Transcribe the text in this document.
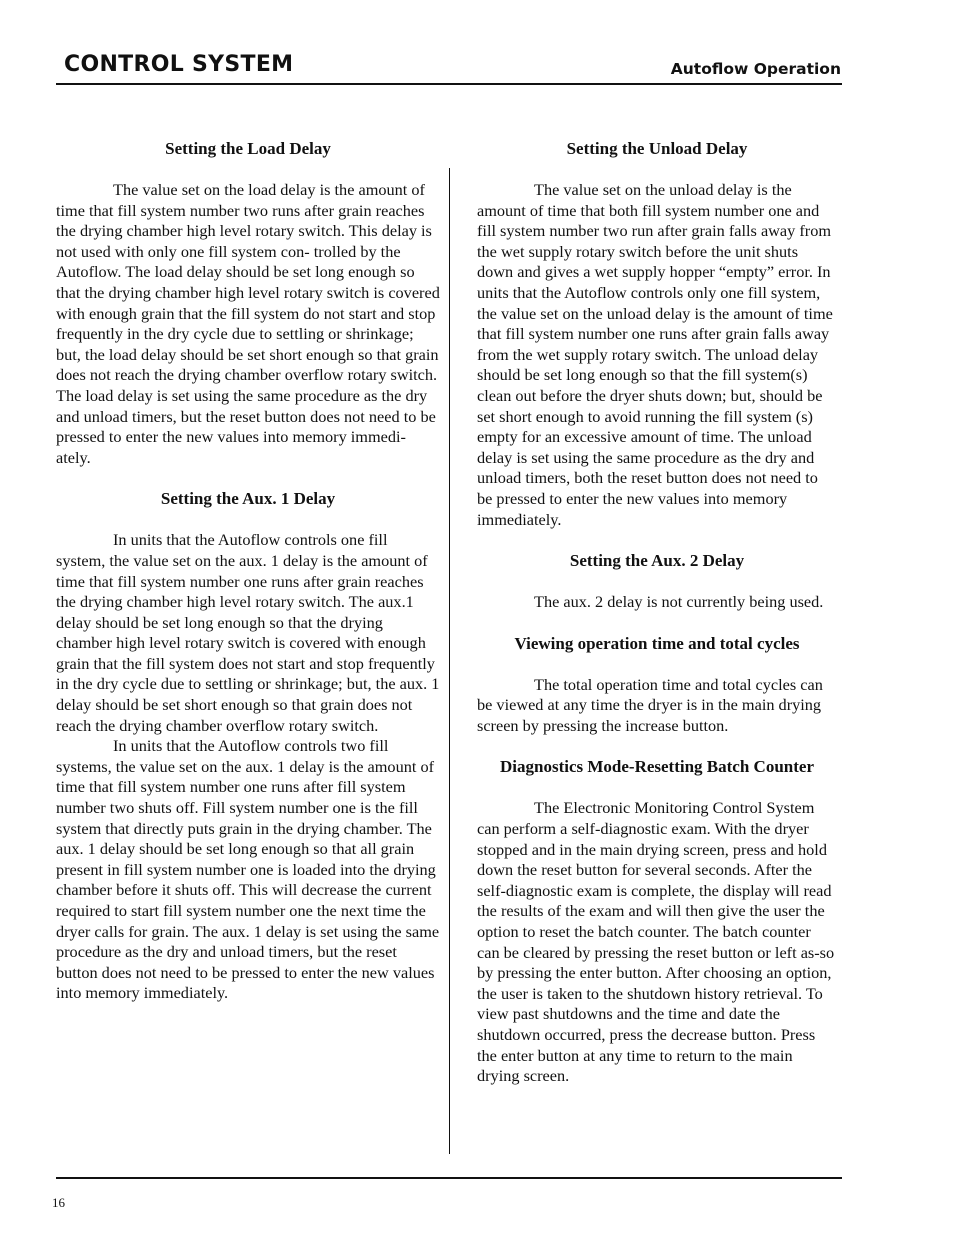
CONTROL SYSTEM	Autoflow Operation
Setting the Load Delay

The value set on the load delay is the amount of time that fill system number two runs after grain reaches the drying chamber high level rotary switch. This delay is not used with only one fill system con- trolled by the Autoflow. The load delay should be set long enough so that the drying chamber high level rotary switch is covered with enough grain that the fill system do not start and stop frequently in the dry cycle due to settling or shrinkage; but, the load delay should be set short enough so that grain does not reach the drying chamber overflow rotary switch. The load delay is set using the same procedure as the dry and unload timers, but the reset button does not need to be pressed to enter the new values into memory immedi- ately.

Setting the Aux. 1 Delay

In units that the Autoflow controls one fill system, the value set on the aux. 1 delay is the amount of time that fill system number one runs after grain reaches the drying chamber high level rotary switch. The aux.1 delay should be set long enough so that the drying chamber high level rotary switch is covered with enough grain that the fill system does not start and stop frequently in the dry cycle due to settling or shrinkage; but, the aux. 1 delay should be set short enough so that grain does not reach the drying chamber overflow rotary switch.

In units that the Autoflow controls two fill systems, the value set on the aux. 1 delay is the amount of time that fill system number one runs after fill system number two shuts off. Fill system number one is the fill system that directly puts grain in the drying chamber. The aux. 1 delay should be set long enough so that all grain present in fill system number one is loaded into the drying chamber before it shuts off. This will decrease the current required to start fill system number one the next time the dryer calls for grain. The aux. 1 delay is set using the same procedure as the dry and unload timers, but the reset button does not need to be pressed to enter the new values into memory immediately.

Setting the Unload Delay

The value set on the unload delay is the amount of time that both fill system number one and fill system number two run after grain falls away from the wet supply rotary switch before the unit shuts down and gives a wet supply hopper “empty” error. In units that the Autoflow controls only one fill system, the value set on the unload delay is the amount of time that fill system number one runs after grain falls away from the wet supply rotary switch. The unload delay should be set long enough so that the fill system(s) clean out before the dryer shuts down; but, should be set short enough to avoid running the fill system (s) empty for an excessive amount of time. The unload delay is set using the same procedure as the dry and unload timers, both the reset button does not need to be pressed to enter the new values into memory immediately.

Setting the Aux. 2 Delay

The aux. 2 delay is not currently being used.

Viewing operation time and total cycles

The total operation time and total cycles can be viewed at any time the dryer is in the main drying screen by pressing the increase button.

Diagnostics Mode-Resetting Batch Counter

The Electronic Monitoring Control System can perform a self-diagnostic exam. With the dryer stopped and in the main drying screen, press and hold down the reset button for several seconds. After the self-diagnostic exam is complete, the display will read the results of the exam and will then give the user the option to reset the batch counter. The batch counter can be cleared by pressing the reset button or left as-so by pressing the enter button. After choosing an option, the user is taken to the shutdown history retrieval. To view past shutdowns and the time and date the shutdown occurred, press the decrease button. Press the enter button at any time to return to the main drying screen.

16
